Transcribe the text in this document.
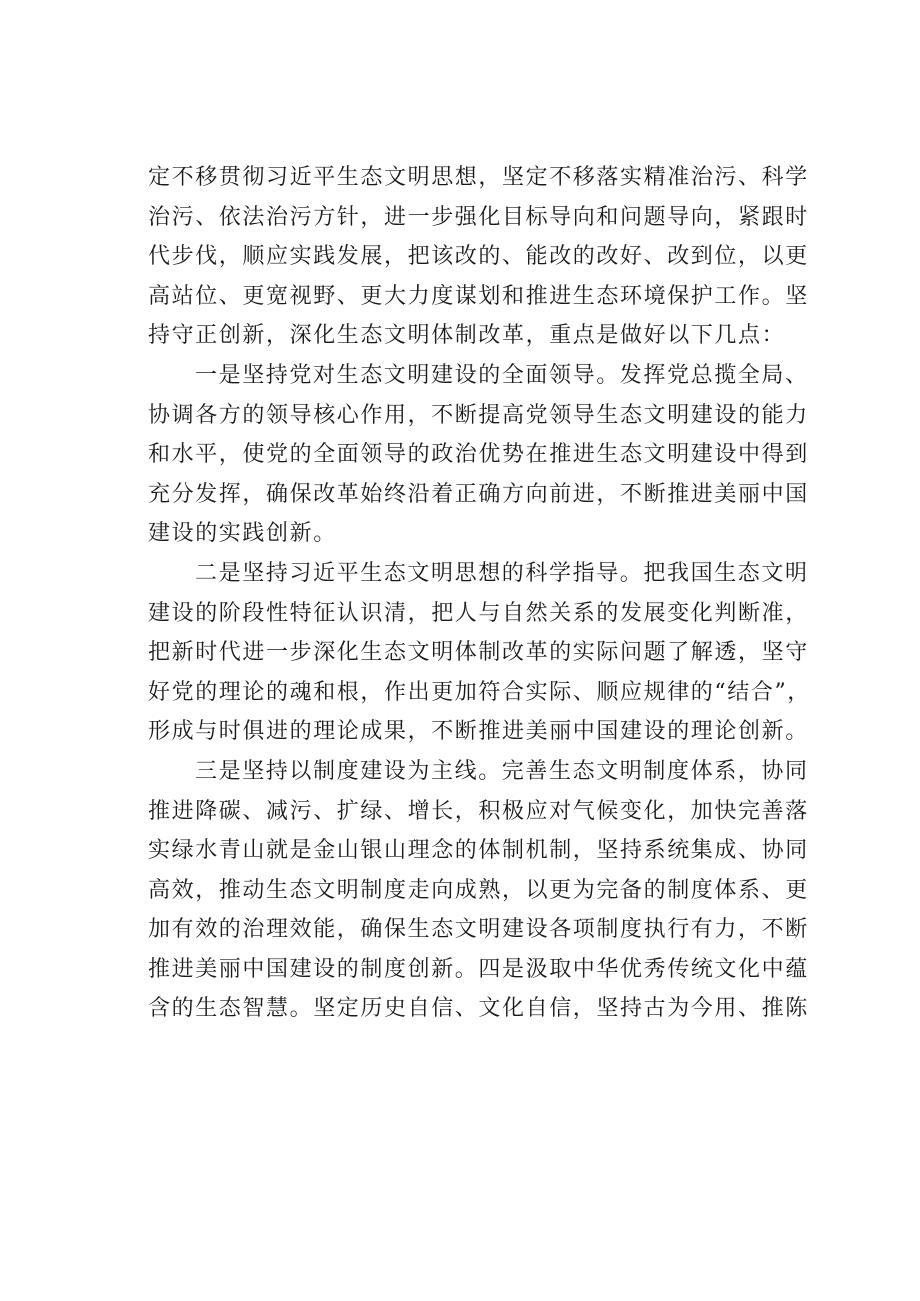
定不移贯彻习近平生态文明思想，坚定不移落实精准治污、科学

治污、依法治污方针，进一步强化目标导向和问题导向，紧跟时

代步伐，顺应实践发展，把该改的、能改的改好、改到位，以更

高站位、更宽视野、更大力度谋划和推进生态环境保护工作。坚

持守正创新，深化生态文明体制改革，重点是做好以下几点：

一是坚持党对生态文明建设的全面领导。发挥党总揽全局、

协调各方的领导核心作用，不断提高党领导生态文明建设的能力

和水平，使党的全面领导的政治优势在推进生态文明建设中得到

充分发挥，确保改革始终沿着正确方向前进，不断推进美丽中国

建设的实践创新。

二是坚持习近平生态文明思想的科学指导。把我国生态文明

建设的阶段性特征认识清，把人与自然关系的发展变化判断准，

把新时代进一步深化生态文明体制改革的实际问题了解透，坚守

好党的理论的魂和根，作出更加符合实际、顺应规律的“结合”，

形成与时俱进的理论成果，不断推进美丽中国建设的理论创新。

三是坚持以制度建设为主线。完善生态文明制度体系，协同

推进降碳、减污、扩绿、增长，积极应对气候变化，加快完善落

实绿水青山就是金山银山理念的体制机制，坚持系统集成、协同

高效，推动生态文明制度走向成熟，以更为完备的制度体系、更

加有效的治理效能，确保生态文明建设各项制度执行有力，不断

推进美丽中国建设的制度创新。四是汲取中华优秀传统文化中蕴

含的生态智慧。坚定历史自信、文化自信，坚持古为今用、推陈
